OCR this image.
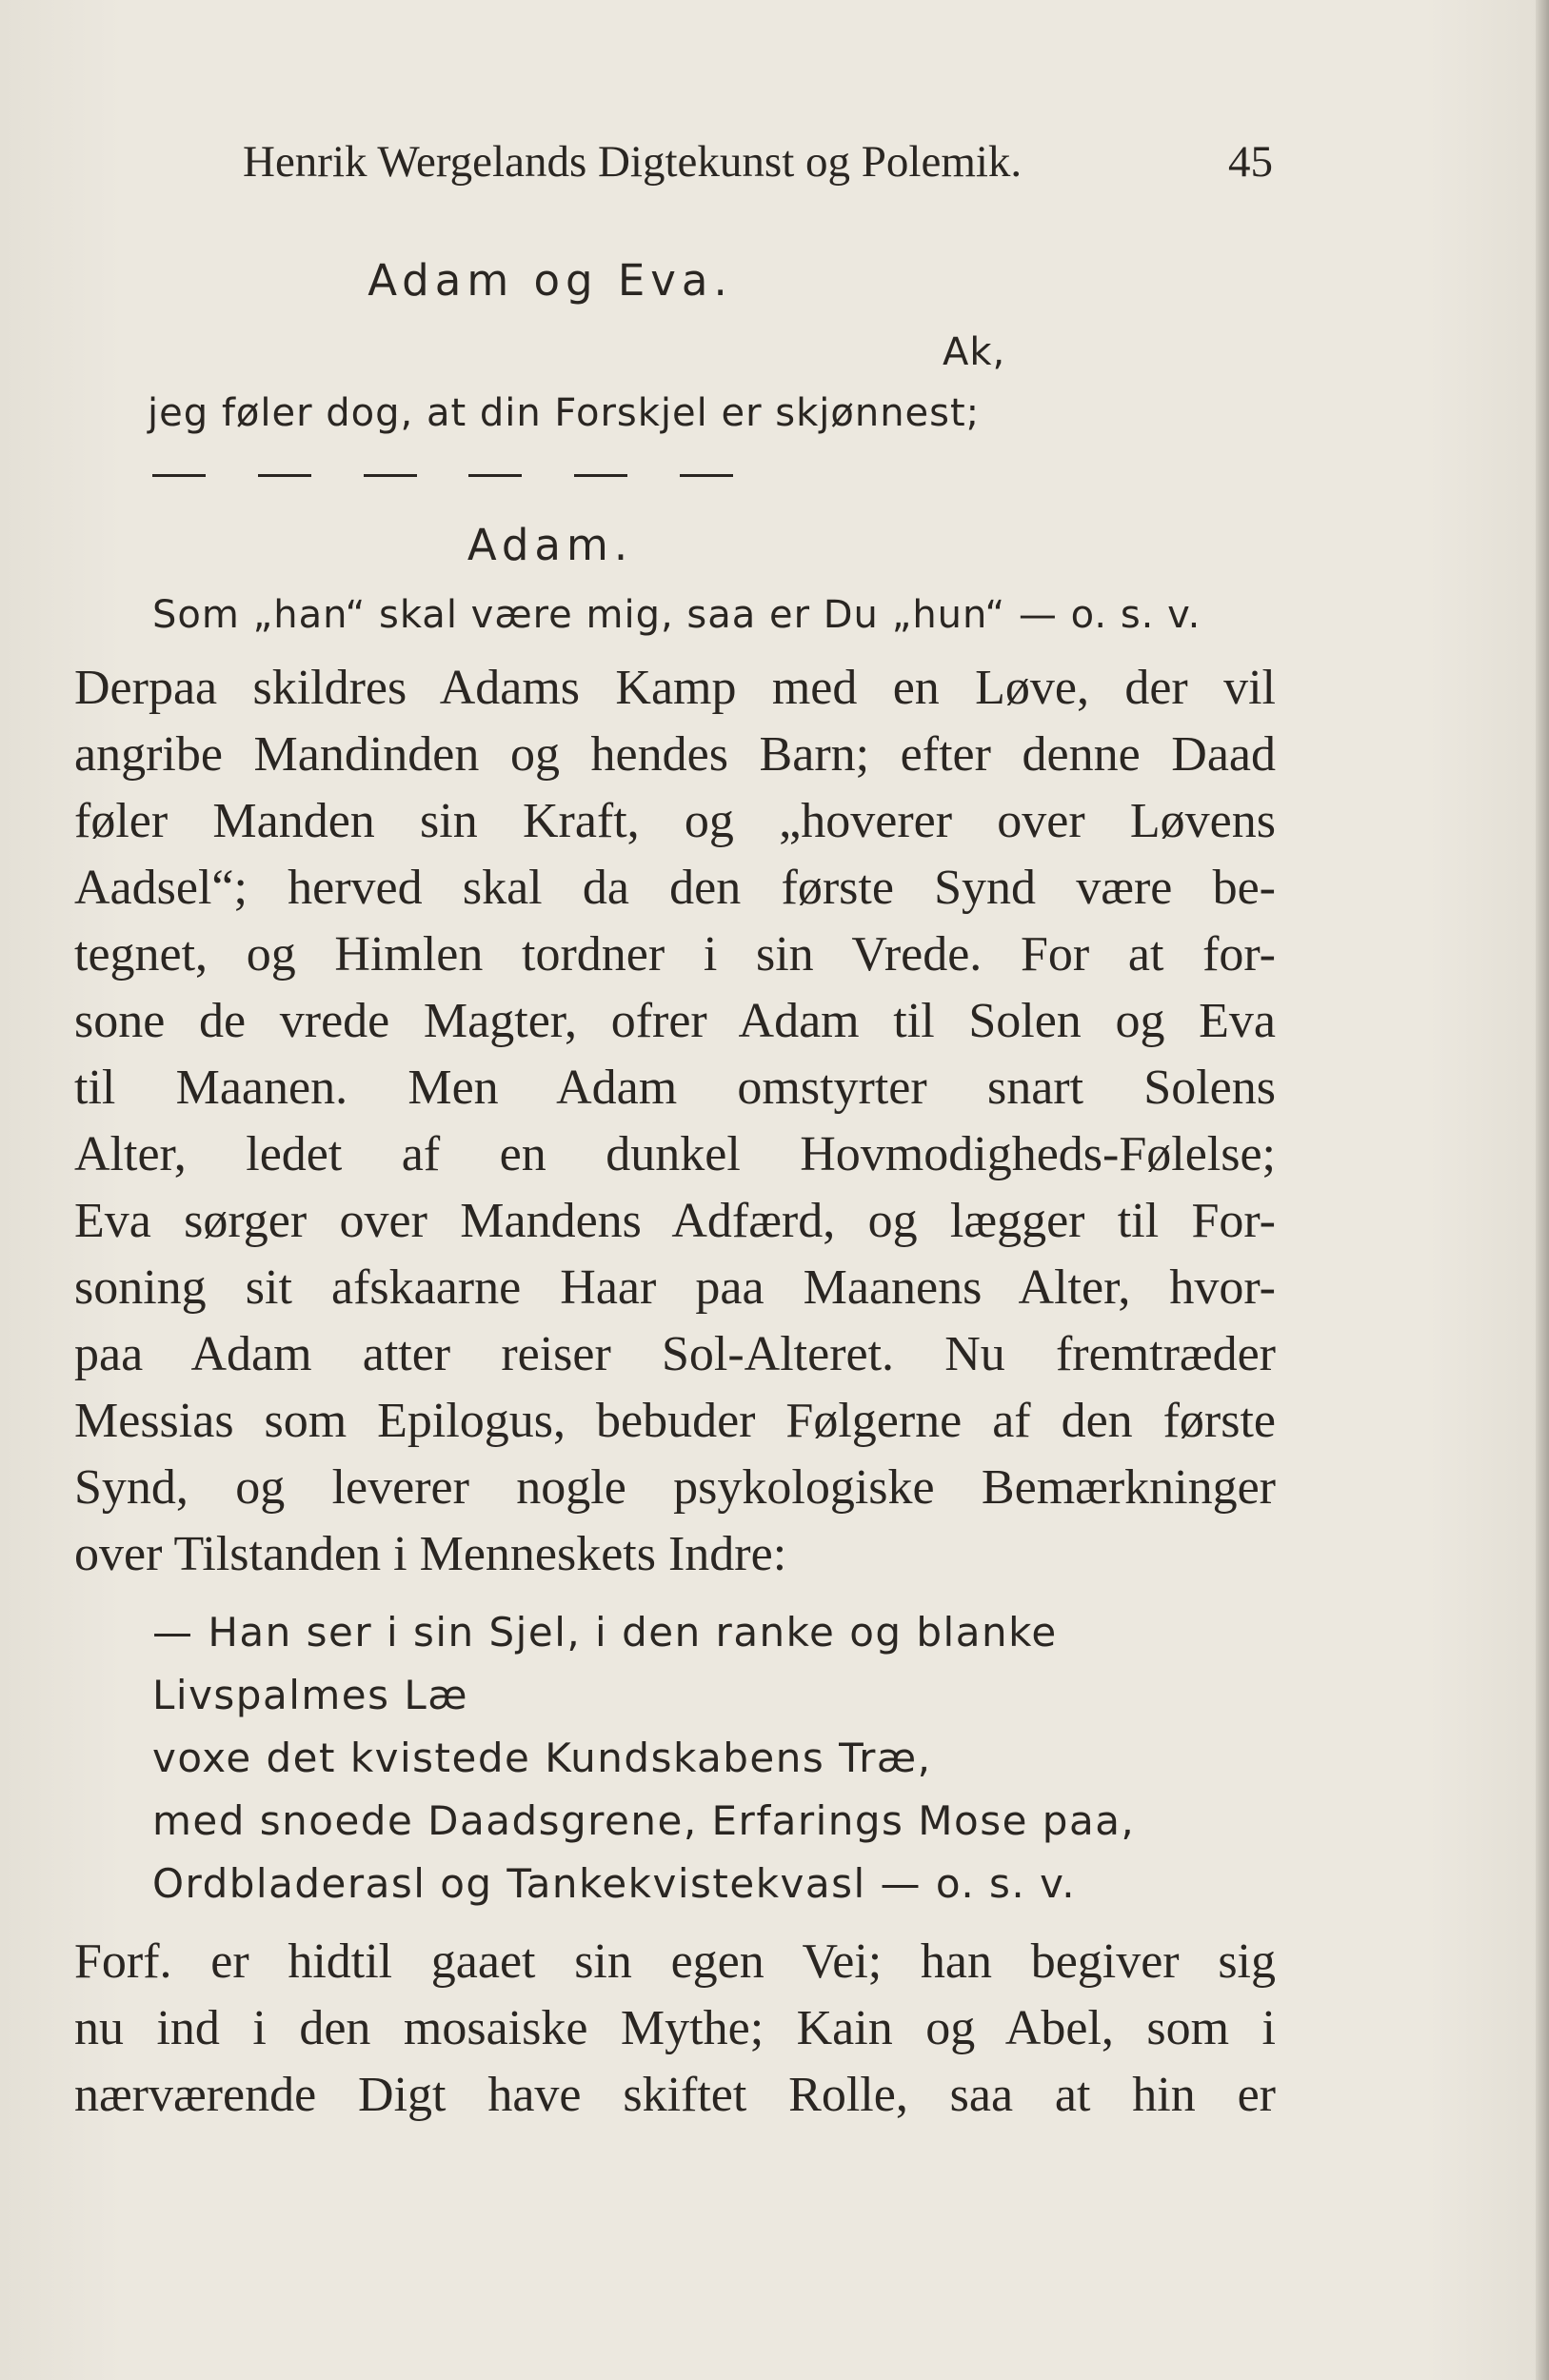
Henrik Wergelands Digtekunst og Polemik.	45
Adam og Eva.
Ak,
jeg føler dog, at din Forskjel er skjønnest;
Adam.
Som „han“ skal være mig, saa er Du „hun“ — o. s. v.
Derpaa skildres Adams Kamp med en Løve, der vil
angribe Mandinden og hendes Barn; efter denne Daad
føler Manden sin Kraft, og „hoverer over Løvens
Aadsel“; herved skal da den første Synd være be-
tegnet, og Himlen tordner i sin Vrede. For at for-
sone de vrede Magter, ofrer Adam til Solen og Eva
til Maanen. Men Adam omstyrter snart Solens
Alter, ledet af en dunkel Hovmodigheds-Følelse;
Eva sørger over Mandens Adfærd, og lægger til For-
soning sit afskaarne Haar paa Maanens Alter, hvor-
paa Adam atter reiser Sol-Alteret. Nu fremtræder
Messias som Epilogus, bebuder Følgerne af den første
Synd, og leverer nogle psykologiske Bemærkninger
over Tilstanden i Menneskets Indre:
— Han ser i sin Sjel, i den ranke og blanke
Livspalmes Læ
voxe det kvistede Kundskabens Træ,
med snoede Daadsgrene, Erfarings Mose paa,
Ordbladerasl og Tankekvistekvasl — o. s. v.
Forf. er hidtil gaaet sin egen Vei; han begiver sig
nu ind i den mosaiske Mythe; Kain og Abel, som i
nærværende Digt have skiftet Rolle, saa at hin er
